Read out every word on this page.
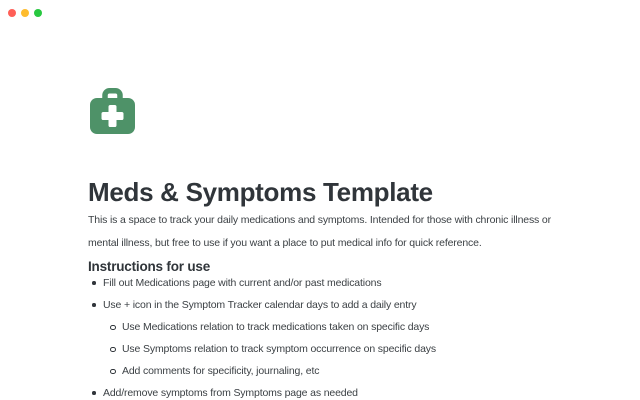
Meds & Symptoms Template

This is a space to track your daily medications and symptoms. Intended for those with chronic illness or mental illness, but free to use if you want a place to put medical info for quick reference.

Instructions for use
Fill out Medications page with current and/or past medications
Use + icon in the Symptom Tracker calendar days to add a daily entry
Use Medications relation to track medications taken on specific days
Use Symptoms relation to track symptom occurrence on specific days
Add comments for specificity, journaling, etc
Add/remove symptoms from Symptoms page as needed
